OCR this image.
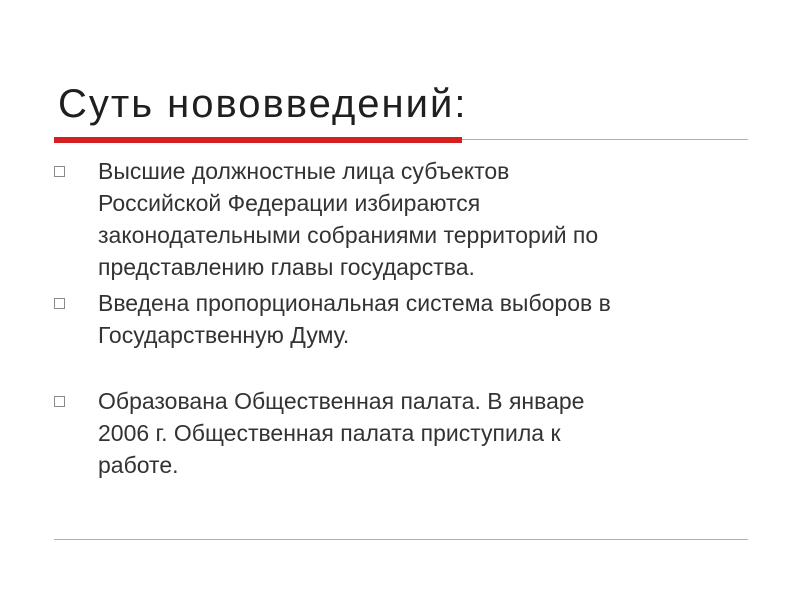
Суть нововведений:
Высшие должностные лица субъектов
Российской Федерации избираются
законодательными собраниями территорий по
представлению главы государства.
Введена пропорциональная система выборов в
Государственную Думу.
Образована Общественная палата. В январе
2006 г. Общественная палата приступила к
работе.
